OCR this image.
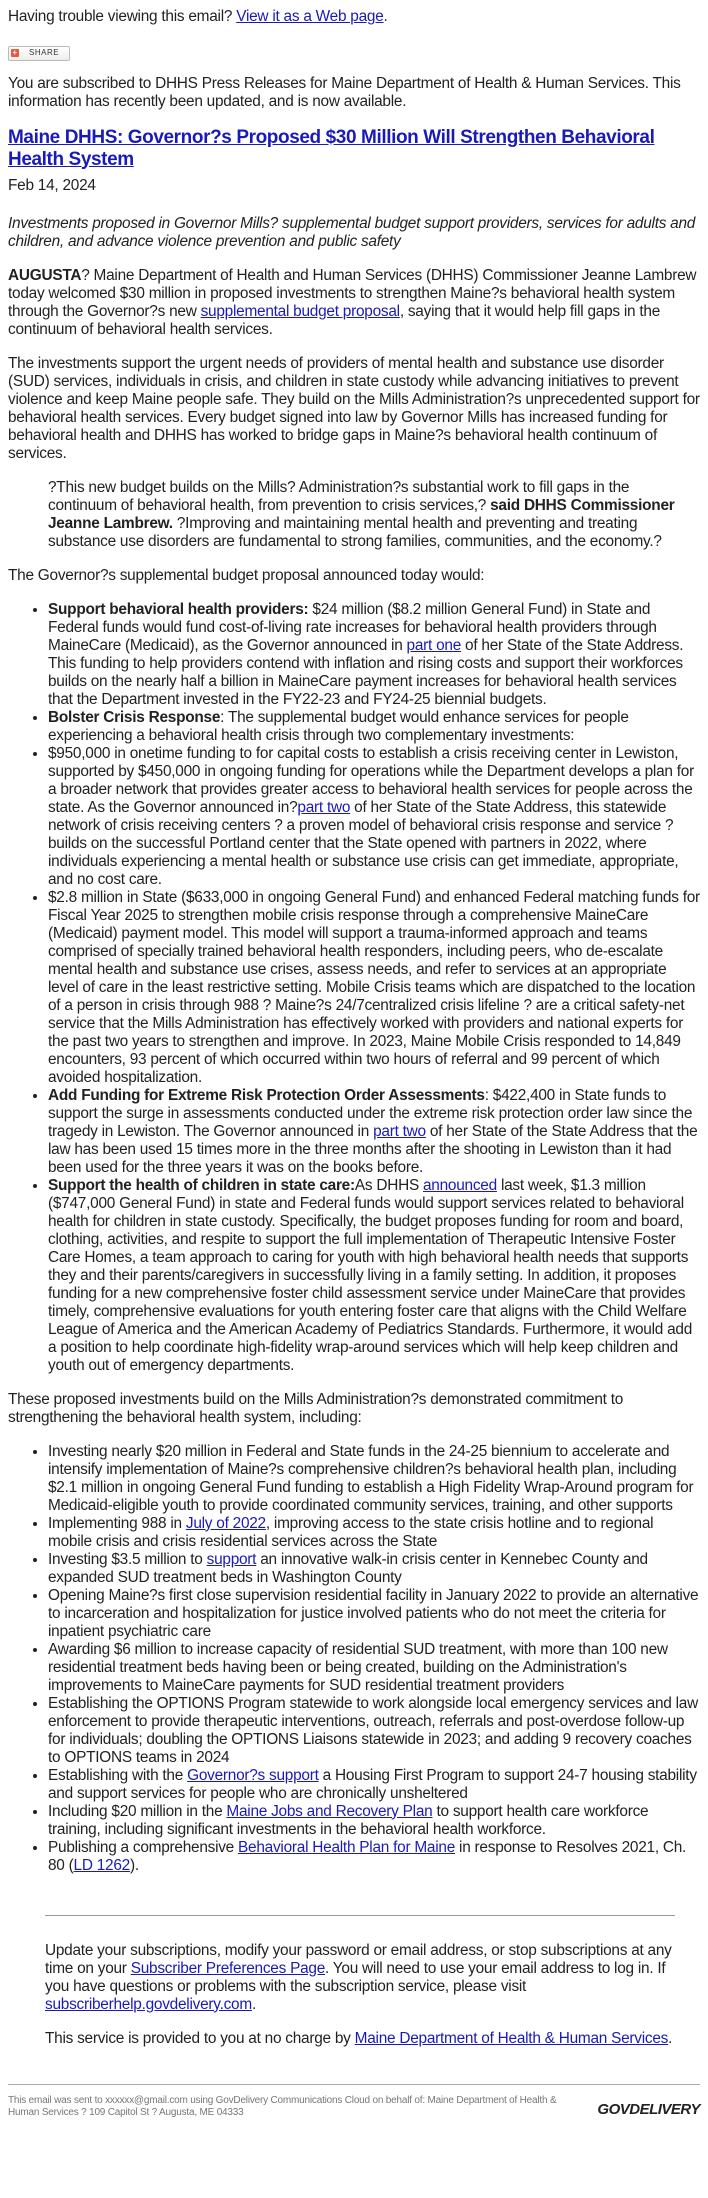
Having trouble viewing this email? View it as a Web page.

+ SHARE

You are subscribed to DHHS Press Releases for Maine Department of Health & Human Services. This information has recently been updated, and is now available.

Maine DHHS: Governor?s Proposed $30 Million Will Strengthen Behavioral Health System
Feb 14, 2024

Investments proposed in Governor Mills? supplemental budget support providers, services for adults and children, and advance violence prevention and public safety

AUGUSTA? Maine Department of Health and Human Services (DHHS) Commissioner Jeanne Lambrew today welcomed $30 million in proposed investments to strengthen Maine?s behavioral health system through the Governor?s new supplemental budget proposal, saying that it would help fill gaps in the continuum of behavioral health services.

The investments support the urgent needs of providers of mental health and substance use disorder (SUD) services, individuals in crisis, and children in state custody while advancing initiatives to prevent violence and keep Maine people safe. They build on the Mills Administration?s unprecedented support for behavioral health services. Every budget signed into law by Governor Mills has increased funding for behavioral health and DHHS has worked to bridge gaps in Maine?s behavioral health continuum of services.

?This new budget builds on the Mills? Administration?s substantial work to fill gaps in the continuum of behavioral health, from prevention to crisis services,? said DHHS Commissioner Jeanne Lambrew. ?Improving and maintaining mental health and preventing and treating substance use disorders are fundamental to strong families, communities, and the economy.?

The Governor?s supplemental budget proposal announced today would:

• Support behavioral health providers: $24 million ($8.2 million General Fund) in State and Federal funds would fund cost-of-living rate increases for behavioral health providers through MaineCare (Medicaid), as the Governor announced in part one of her State of the State Address. This funding to help providers contend with inflation and rising costs and support their workforces builds on the nearly half a billion in MaineCare payment increases for behavioral health services that the Department invested in the FY22-23 and FY24-25 biennial budgets.
• Bolster Crisis Response: The supplemental budget would enhance services for people experiencing a behavioral health crisis through two complementary investments:
• $950,000 in onetime funding to for capital costs to establish a crisis receiving center in Lewiston, supported by $450,000 in ongoing funding for operations while the Department develops a plan for a broader network that provides greater access to behavioral health services for people across the state. As the Governor announced in?part two of her State of the State Address, this statewide network of crisis receiving centers ? a proven model of behavioral crisis response and service ? builds on the successful Portland center that the State opened with partners in 2022, where individuals experiencing a mental health or substance use crisis can get immediate, appropriate, and no cost care.
• $2.8 million in State ($633,000 in ongoing General Fund) and enhanced Federal matching funds for Fiscal Year 2025 to strengthen mobile crisis response through a comprehensive MaineCare (Medicaid) payment model. This model will support a trauma-informed approach and teams comprised of specially trained behavioral health responders, including peers, who de-escalate mental health and substance use crises, assess needs, and refer to services at an appropriate level of care in the least restrictive setting. Mobile Crisis teams which are dispatched to the location of a person in crisis through 988 ? Maine?s 24/7centralized crisis lifeline ? are a critical safety-net service that the Mills Administration has effectively worked with providers and national experts for the past two years to strengthen and improve. In 2023, Maine Mobile Crisis responded to 14,849 encounters, 93 percent of which occurred within two hours of referral and 99 percent of which avoided hospitalization.
• Add Funding for Extreme Risk Protection Order Assessments: $422,400 in State funds to support the surge in assessments conducted under the extreme risk protection order law since the tragedy in Lewiston. The Governor announced in part two of her State of the State Address that the law has been used 15 times more in the three months after the shooting in Lewiston than it had been used for the three years it was on the books before.
• Support the health of children in state care:As DHHS announced last week, $1.3 million ($747,000 General Fund) in state and Federal funds would support services related to behavioral health for children in state custody. Specifically, the budget proposes funding for room and board, clothing, activities, and respite to support the full implementation of Therapeutic Intensive Foster Care Homes, a team approach to caring for youth with high behavioral health needs that supports they and their parents/caregivers in successfully living in a family setting. In addition, it proposes funding for a new comprehensive foster child assessment service under MaineCare that provides timely, comprehensive evaluations for youth entering foster care that aligns with the Child Welfare League of America and the American Academy of Pediatrics Standards. Furthermore, it would add a position to help coordinate high-fidelity wrap-around services which will help keep children and youth out of emergency departments.

These proposed investments build on the Mills Administration?s demonstrated commitment to strengthening the behavioral health system, including:

• Investing nearly $20 million in Federal and State funds in the 24-25 biennium to accelerate and intensify implementation of Maine?s comprehensive children?s behavioral health plan, including $2.1 million in ongoing General Fund funding to establish a High Fidelity Wrap-Around program for Medicaid-eligible youth to provide coordinated community services, training, and other supports
• Implementing 988 in July of 2022, improving access to the state crisis hotline and to regional mobile crisis and crisis residential services across the State
• Investing $3.5 million to support an innovative walk-in crisis center in Kennebec County and expanded SUD treatment beds in Washington County
• Opening Maine?s first close supervision residential facility in January 2022 to provide an alternative to incarceration and hospitalization for justice involved patients who do not meet the criteria for inpatient psychiatric care
• Awarding $6 million to increase capacity of residential SUD treatment, with more than 100 new residential treatment beds having been or being created, building on the Administration's improvements to MaineCare payments for SUD residential treatment providers
• Establishing the OPTIONS Program statewide to work alongside local emergency services and law enforcement to provide therapeutic interventions, outreach, referrals and post-overdose follow-up for individuals; doubling the OPTIONS Liaisons statewide in 2023; and adding 9 recovery coaches to OPTIONS teams in 2024
• Establishing with the Governor?s support a Housing First Program to support 24-7 housing stability and support services for people who are chronically unsheltered
• Including $20 million in the Maine Jobs and Recovery Plan to support health care workforce training, including significant investments in the behavioral health workforce.
• Publishing a comprehensive Behavioral Health Plan for Maine in response to Resolves 2021, Ch. 80 (LD 1262).

Update your subscriptions, modify your password or email address, or stop subscriptions at any time on your Subscriber Preferences Page. You will need to use your email address to log in. If you have questions or problems with the subscription service, please visit subscriberhelp.govdelivery.com.

This service is provided to you at no charge by Maine Department of Health & Human Services.

This email was sent to xxxxxx@gmail.com using GovDelivery Communications Cloud on behalf of: Maine Department of Health & Human Services ? 109 Capitol St ? Augusta, ME 04333	GOVDELIVERY
